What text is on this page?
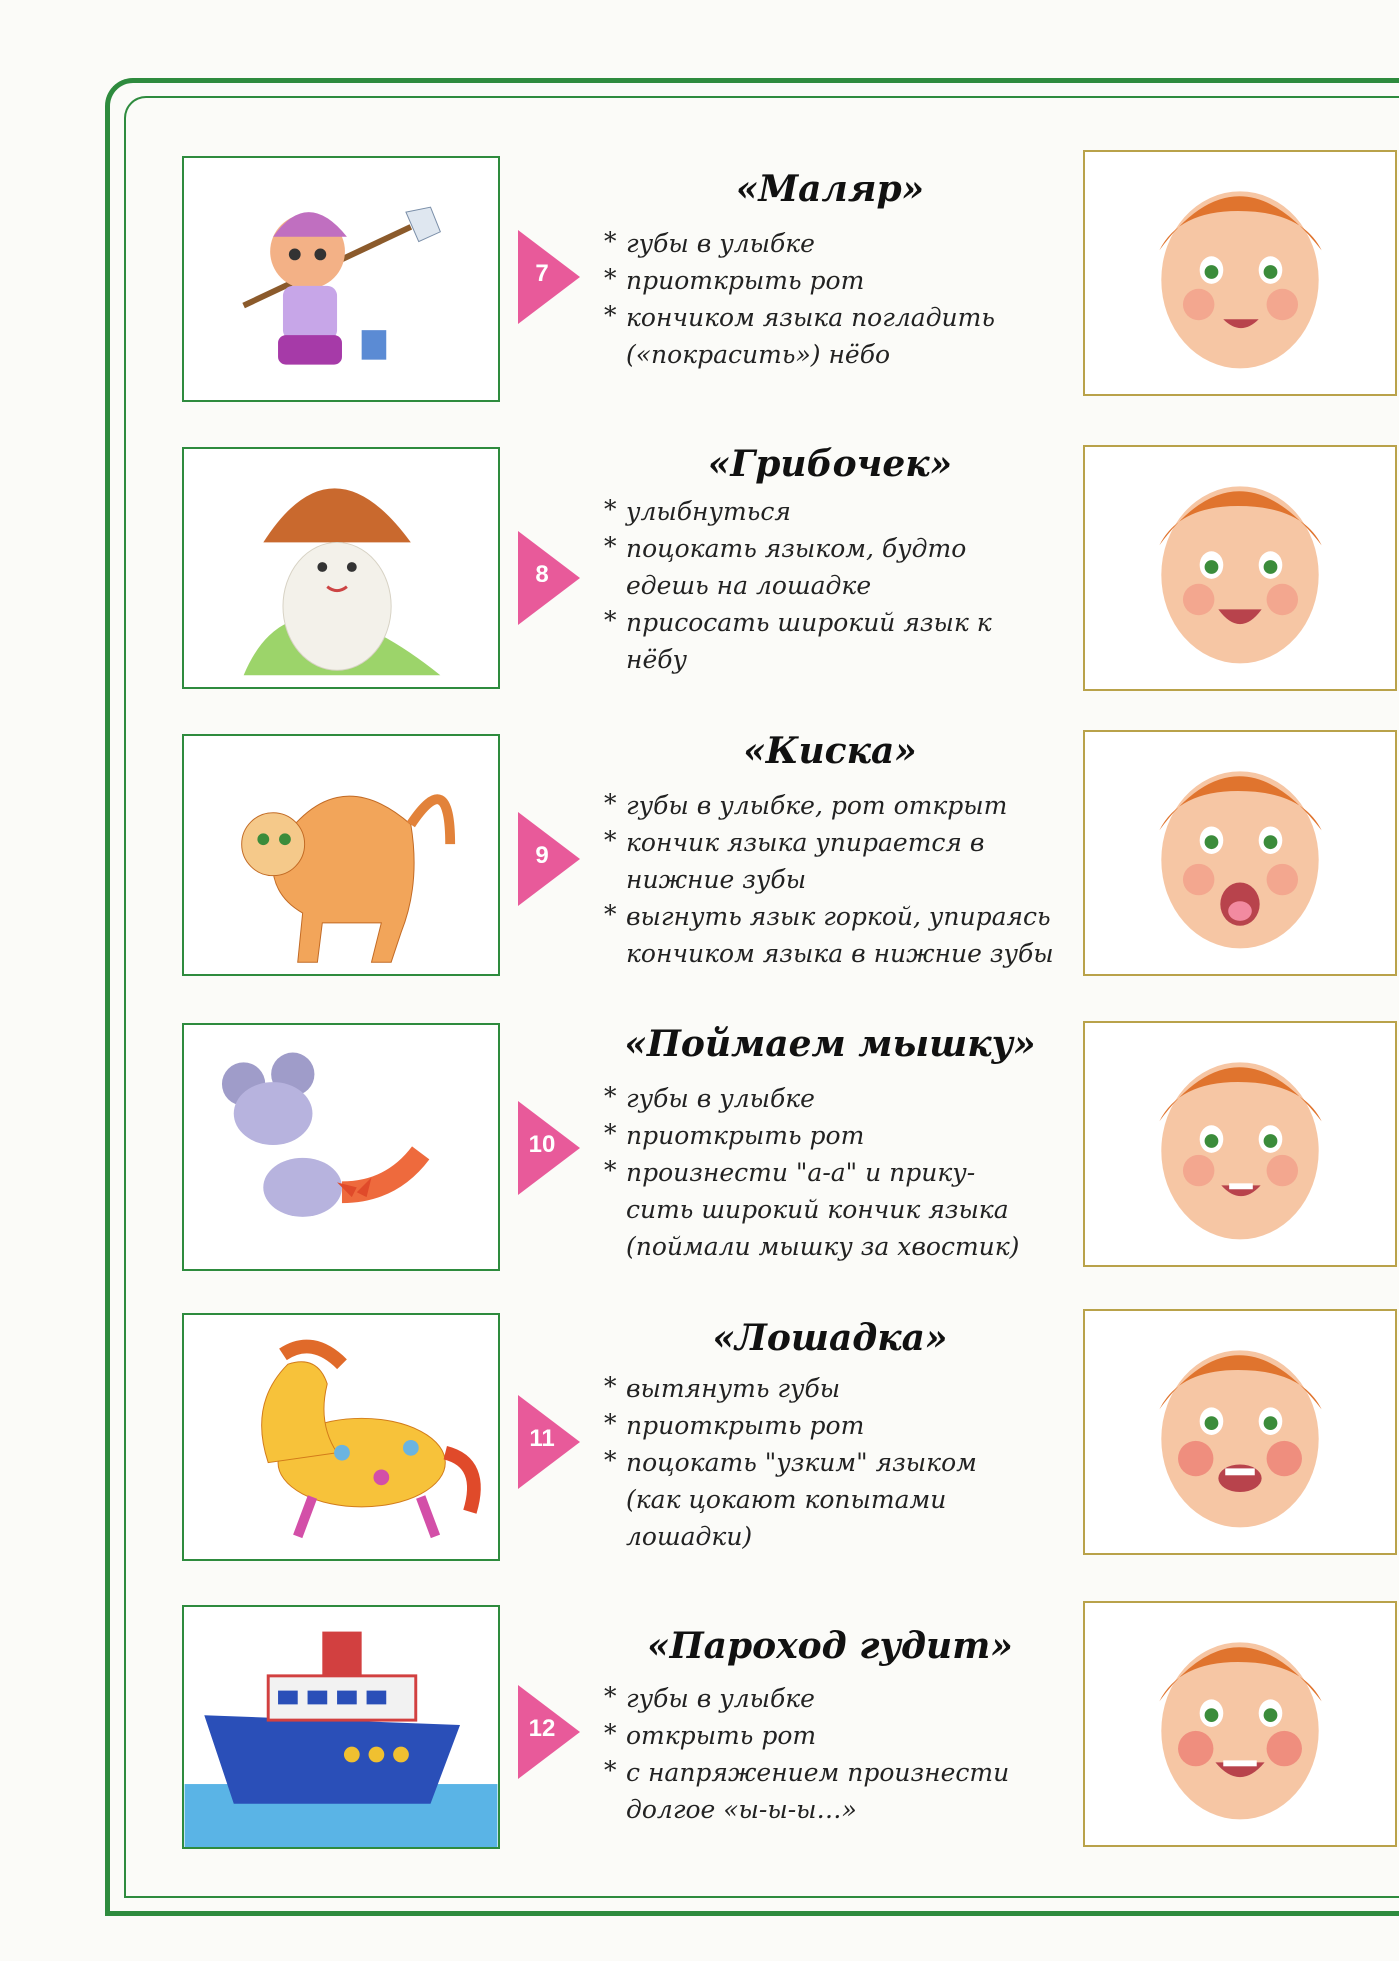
7
«Маляр»
* губы в улыбке
* приоткрыть рот
* кончиком языка погладить
(«покрасить») нёбо
8
«Грибочек»
* улыбнуться
* поцокать языком, будто
едешь на лошадке
* присосать широкий язык к
нёбу
9
«Киска»
* губы в улыбке, рот открыт
* кончик языка упирается в
нижние зубы
* выгнуть язык горкой, упираясь
кончиком языка в нижние зубы
10
«Поймаем мышку»
* губы в улыбке
* приоткрыть рот
* произнести "а-а" и прику-
сить широкий кончик языка
(поймали мышку за хвостик)
11
«Лошадка»
* вытянуть губы
* приоткрыть рот
* поцокать "узким" языком
(как цокают копытами
лошадки)
12
«Пароход гудит»
* губы в улыбке
* открыть рот
* с напряжением произнести
долгое «ы-ы-ы…»
